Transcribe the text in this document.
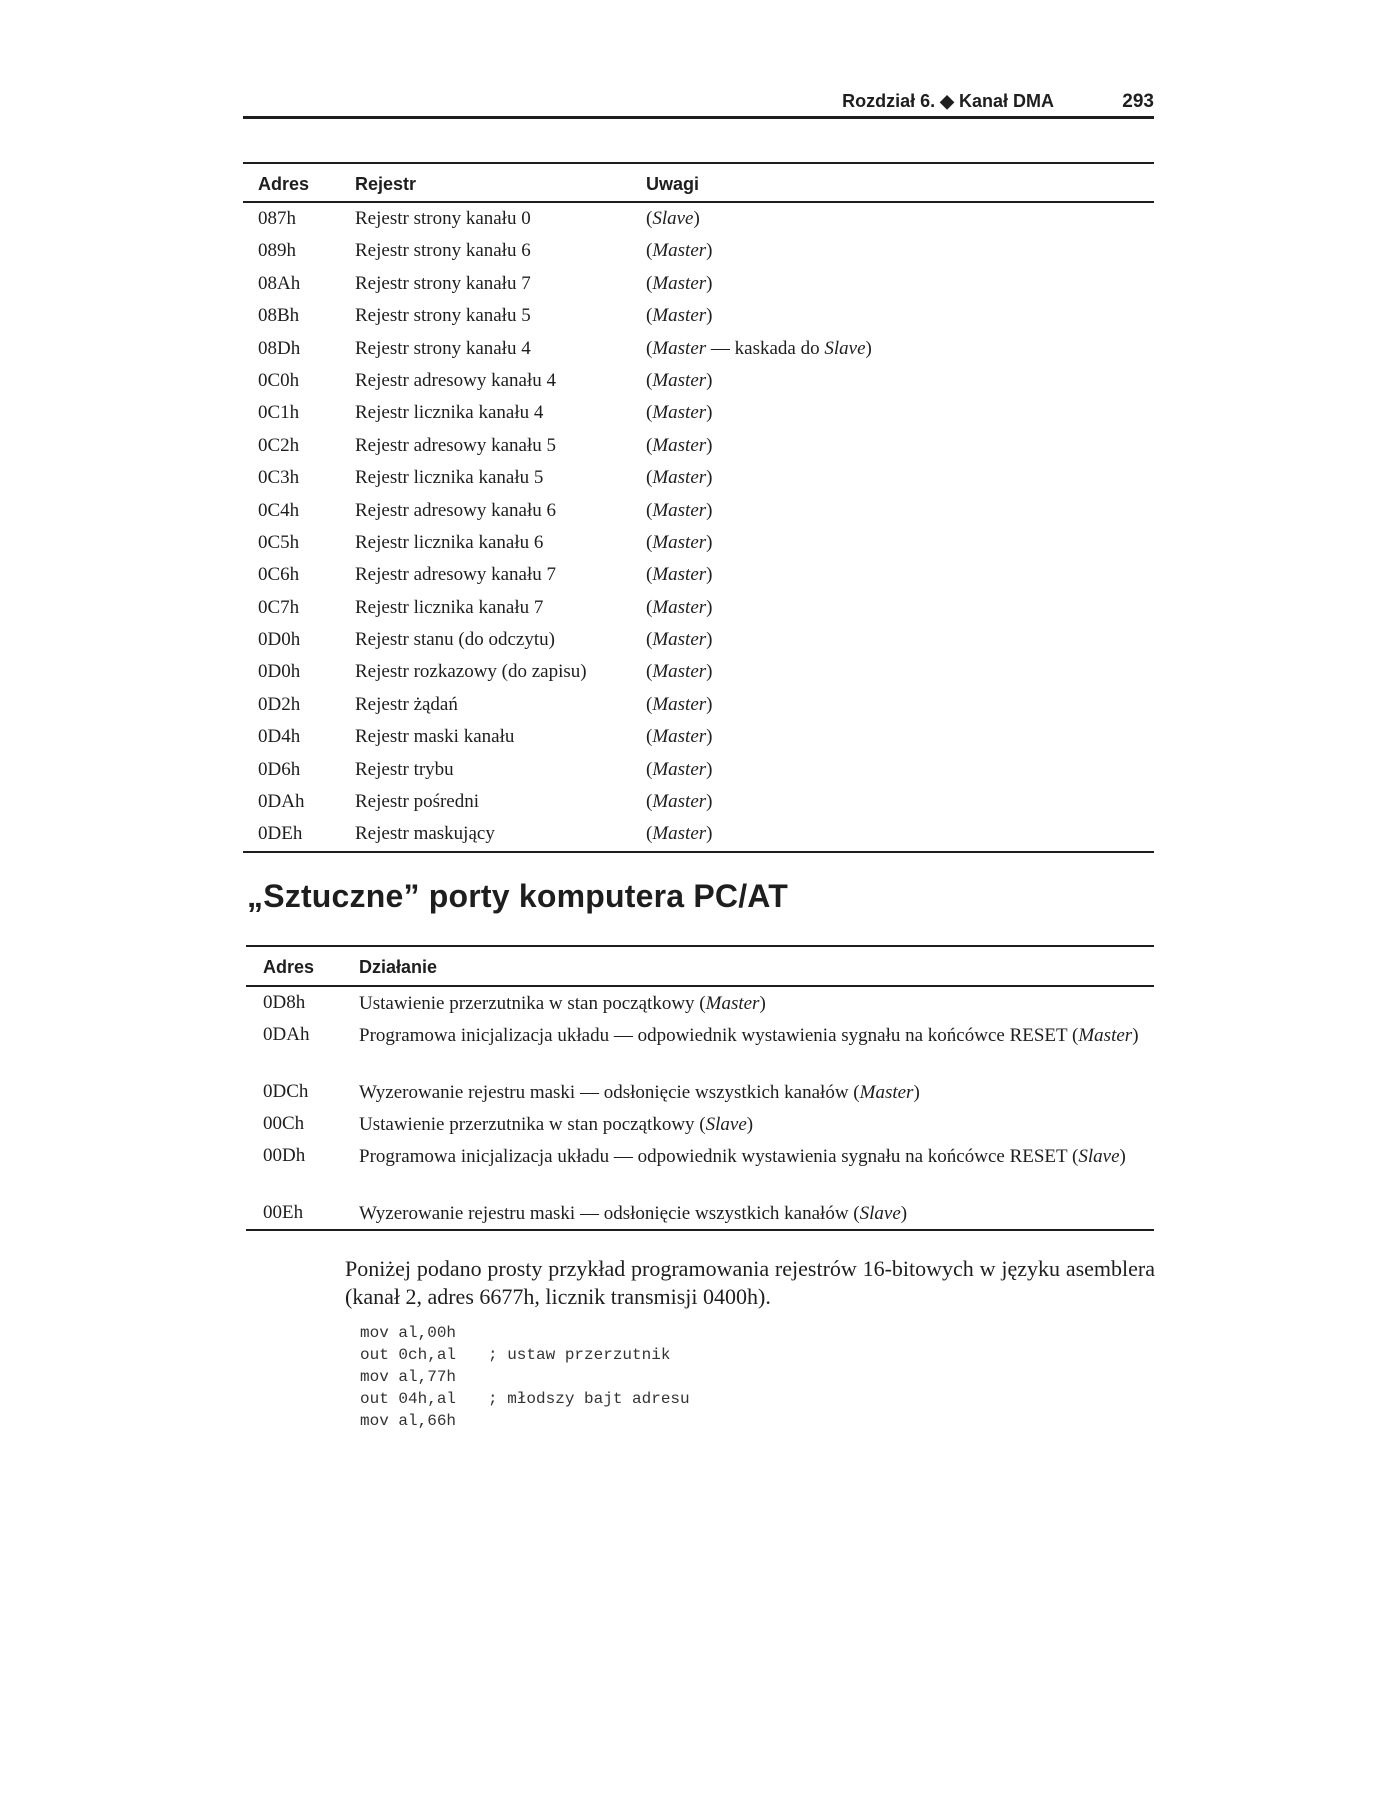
Rozdział 6. ◆ Kanał DMA	293
Adres	Rejestr	Uwagi
087h	Rejestr strony kanału 0	(Slave)
089h	Rejestr strony kanału 6	(Master)
08Ah	Rejestr strony kanału 7	(Master)
08Bh	Rejestr strony kanału 5	(Master)
08Dh	Rejestr strony kanału 4	(Master — kaskada do Slave)
0C0h	Rejestr adresowy kanału 4	(Master)
0C1h	Rejestr licznika kanału 4	(Master)
0C2h	Rejestr adresowy kanału 5	(Master)
0C3h	Rejestr licznika kanału 5	(Master)
0C4h	Rejestr adresowy kanału 6	(Master)
0C5h	Rejestr licznika kanału 6	(Master)
0C6h	Rejestr adresowy kanału 7	(Master)
0C7h	Rejestr licznika kanału 7	(Master)
0D0h	Rejestr stanu (do odczytu)	(Master)
0D0h	Rejestr rozkazowy (do zapisu)	(Master)
0D2h	Rejestr żądań	(Master)
0D4h	Rejestr maski kanału	(Master)
0D6h	Rejestr trybu	(Master)
0DAh	Rejestr pośredni	(Master)
0DEh	Rejestr maskujący	(Master)
„Sztuczne” porty komputera PC/AT
Adres Działanie
0D8h	Ustawienie przerzutnika w stan początkowy (Master)
0DAh	Programowa inicjalizacja układu — odpowiednik wystawienia sygnału na końcówce RESET (Master)
0DCh	Wyzerowanie rejestru maski — odsłonięcie wszystkich kanałów (Master)
00Ch	Ustawienie przerzutnika w stan początkowy (Slave)
00Dh	Programowa inicjalizacja układu — odpowiednik wystawienia sygnału na końcówce RESET (Slave)
00Eh	Wyzerowanie rejestru maski — odsłonięcie wszystkich kanałów (Slave)

Poniżej podano prosty przykład programowania rejestrów 16-bitowych w języku asemblera (kanał 2, adres 6677h, licznik transmisji 0400h).

mov al,00h
out 0ch,al ; ustaw przerzutnik
mov al,77h
out 04h,al ; młodszy bajt adresu
mov al,66h
